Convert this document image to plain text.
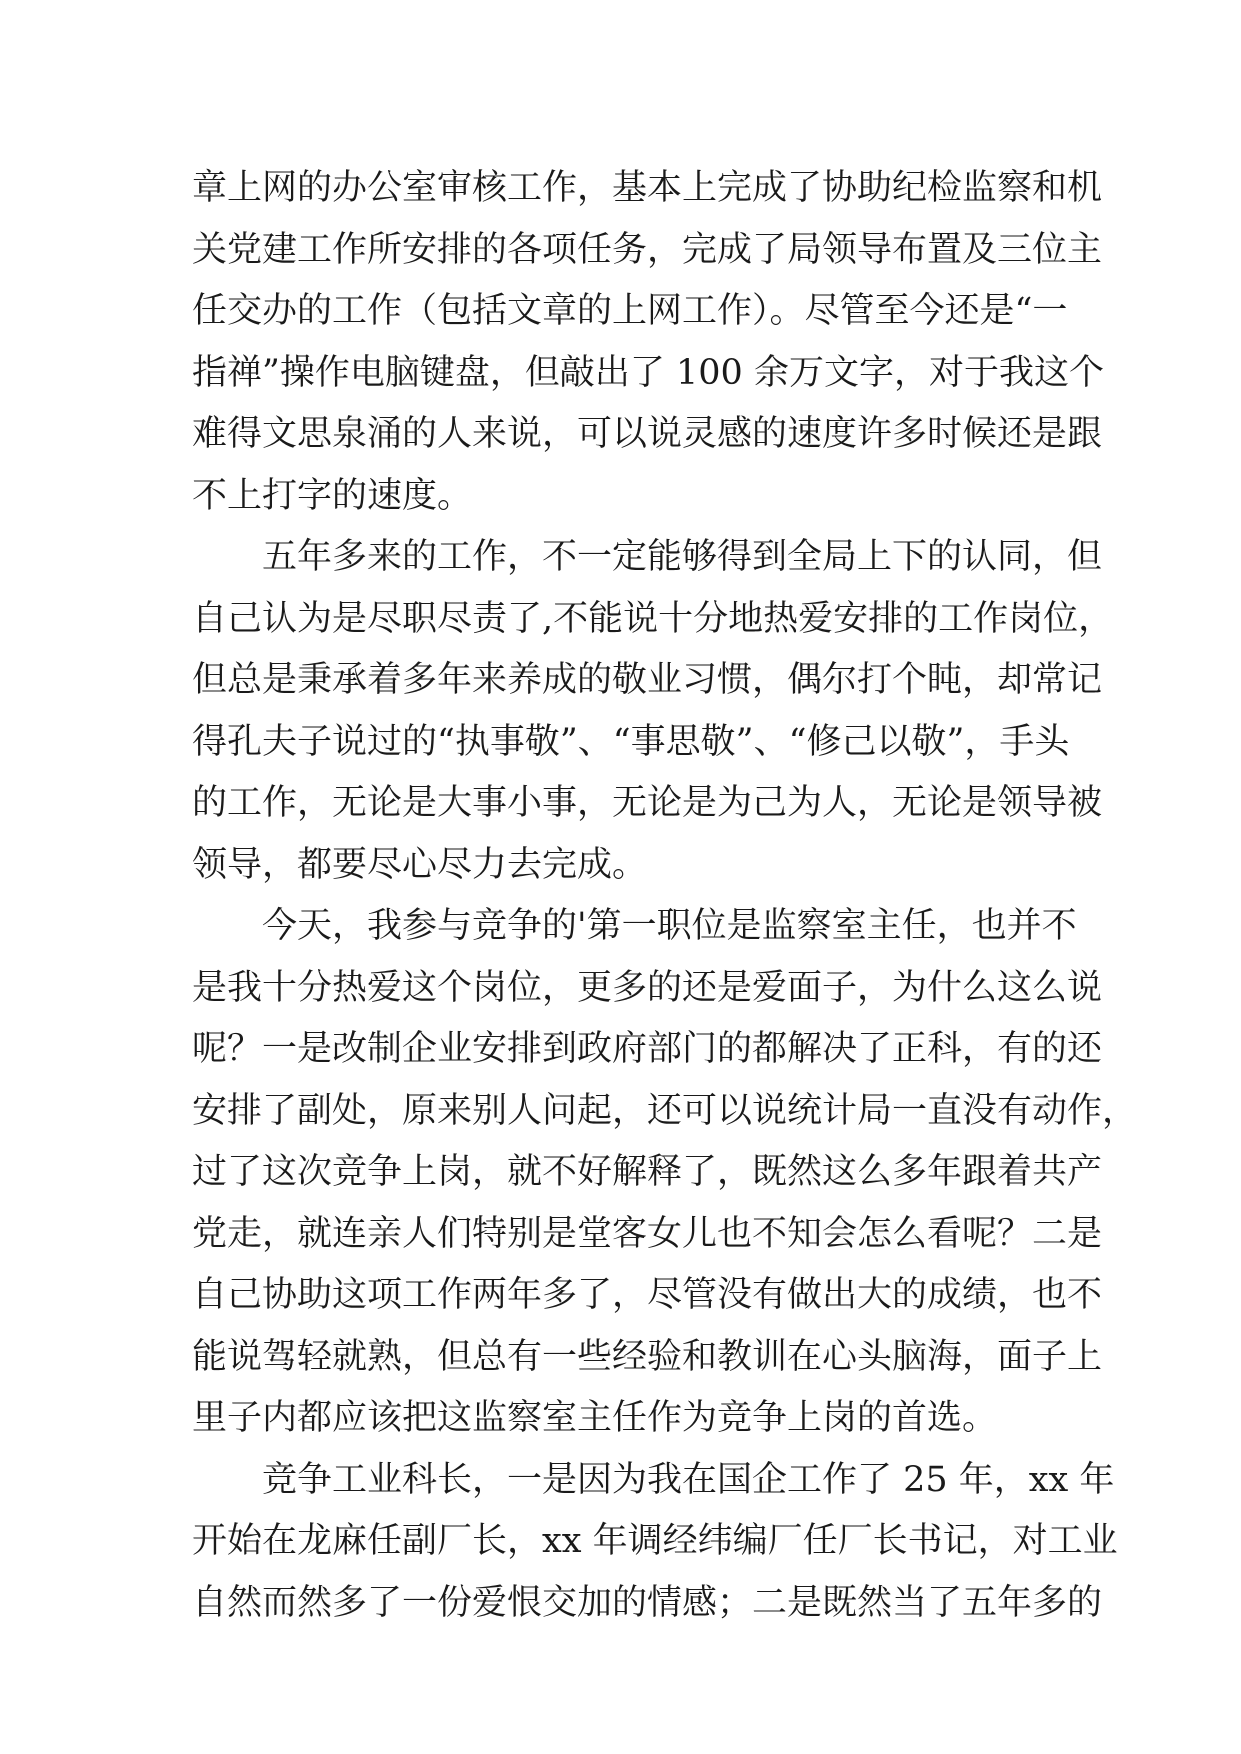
章上网的办公室审核工作，基本上完成了协助纪检监察和机
关党建工作所安排的各项任务，完成了局领导布置及三位主
任交办的工作（包括文章的上网工作）。尽管至今还是“一
指禅”操作电脑键盘，但敲出了 100 余万文字，对于我这个
难得文思泉涌的人来说，可以说灵感的速度许多时候还是跟
不上打字的速度。
五年多来的工作，不一定能够得到全局上下的认同，但
自己认为是尽职尽责了,不能说十分地热爱安排的工作岗位，
但总是秉承着多年来养成的敬业习惯，偶尔打个盹，却常记
得孔夫子说过的“执事敬”、“事思敬”、“修己以敬”，手头
的工作，无论是大事小事，无论是为己为人，无论是领导被
领导，都要尽心尽力去完成。
今天，我参与竞争的'第一职位是监察室主任，也并不
是我十分热爱这个岗位，更多的还是爱面子，为什么这么说
呢？一是改制企业安排到政府部门的都解决了正科，有的还
安排了副处，原来别人问起，还可以说统计局一直没有动作，
过了这次竞争上岗，就不好解释了，既然这么多年跟着共产
党走，就连亲人们特别是堂客女儿也不知会怎么看呢？二是
自己协助这项工作两年多了，尽管没有做出大的成绩，也不
能说驾轻就熟，但总有一些经验和教训在心头脑海，面子上
里子内都应该把这监察室主任作为竞争上岗的首选。
竞争工业科长，一是因为我在国企工作了 25 年，xx 年
开始在龙麻任副厂长，xx 年调经纬编厂任厂长书记，对工业
自然而然多了一份爱恨交加的情感；二是既然当了五年多的
